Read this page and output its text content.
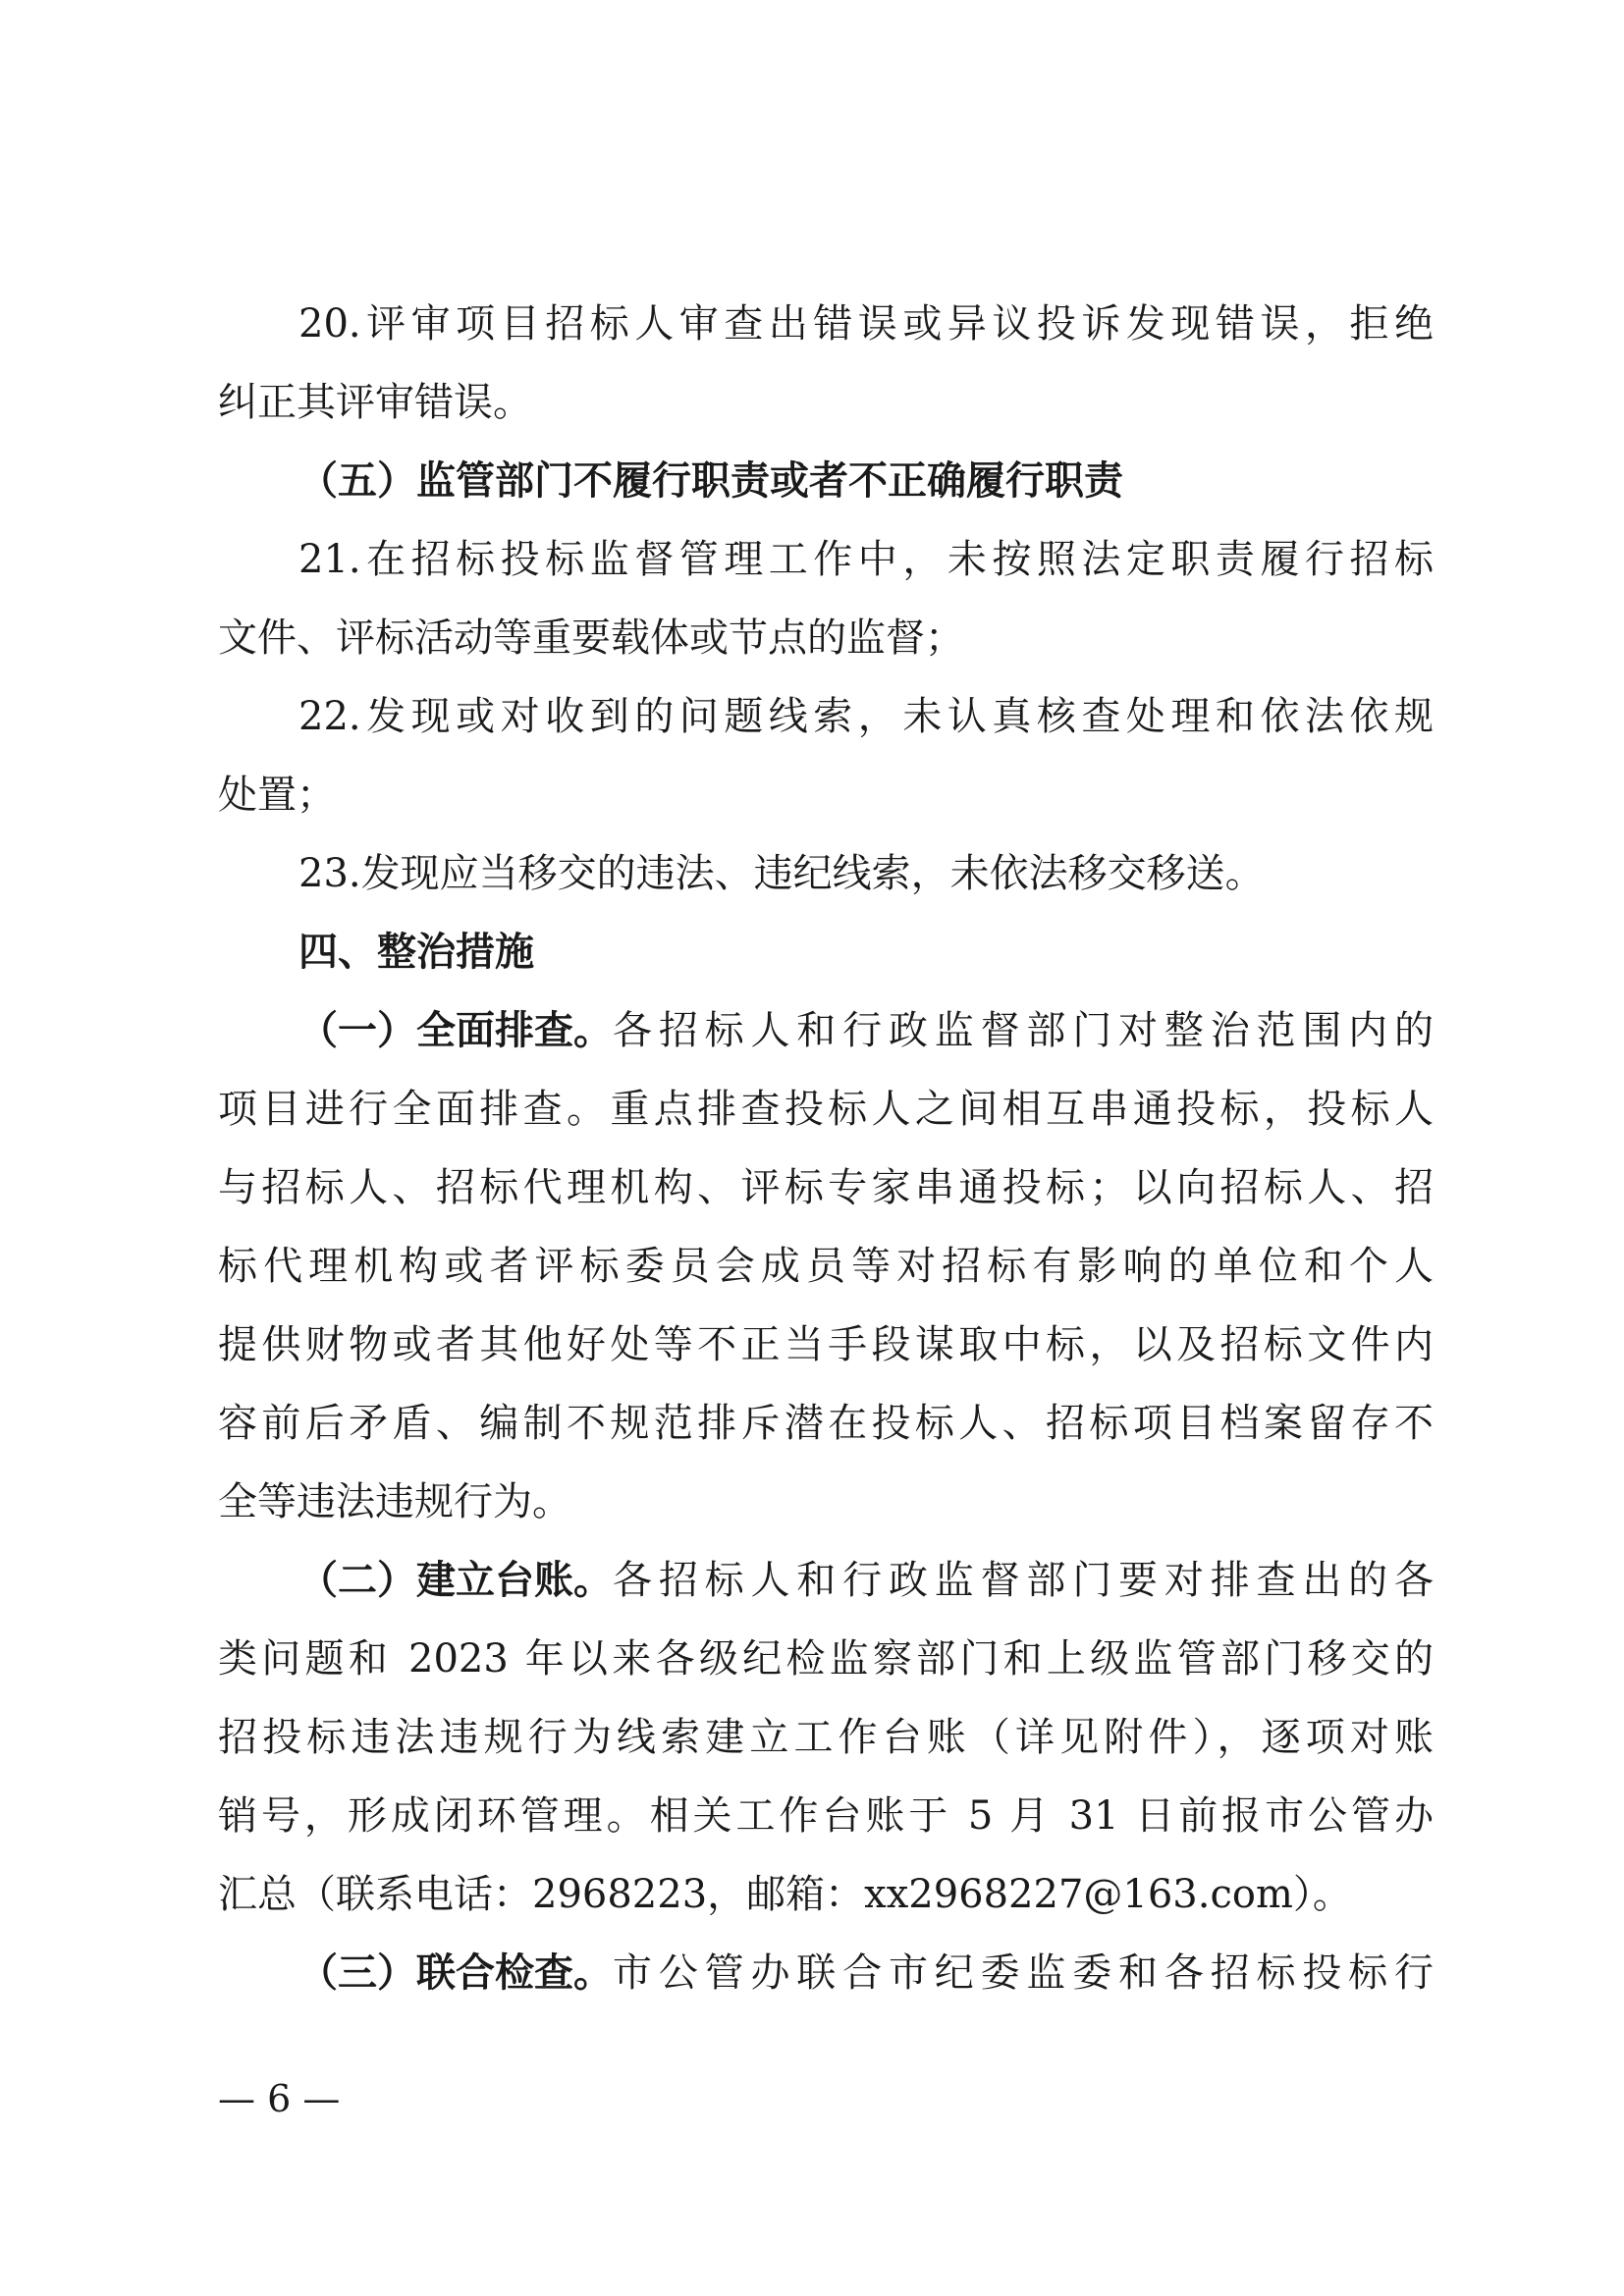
20.评审项目招标人审查出错误或异议投诉发现错误，拒绝
纠正其评审错误。
（五）监管部门不履行职责或者不正确履行职责
21.在招标投标监督管理工作中，未按照法定职责履行招标
文件、评标活动等重要载体或节点的监督；
22.发现或对收到的问题线索，未认真核查处理和依法依规
处置；
23.发现应当移交的违法、违纪线索，未依法移交移送。
四、整治措施
（一）全面排查。 各招标人和行政监督部门对整治范围内的
项目进行全面排查。重点排查投标人之间相互串通投标，投标人
与招标人、招标代理机构、评标专家串通投标；以向招标人、招
标代理机构或者评标委员会成员等对招标有影响的单位和个人
提供财物或者其他好处等不正当手段谋取中标，以及招标文件内
容前后矛盾、编制不规范排斥潜在投标人、招标项目档案留存不
全等违法违规行为。
（二）建立台账。 各招标人和行政监督部门要对排查出的各
类问题和 2023 年以来各级纪检监察部门和上级监管部门移交的
招投标违法违规行为线索建立工作台账（详见附件），逐项对账
销号，形成闭环管理。相关工作台账于 5 月 31 日前报市公管办
汇总（联系电话：2968223，邮箱：xx2968227@163.com）。
（三）联合检查。 市公管办联合市纪委监委和各招标投标行
— 6 —
